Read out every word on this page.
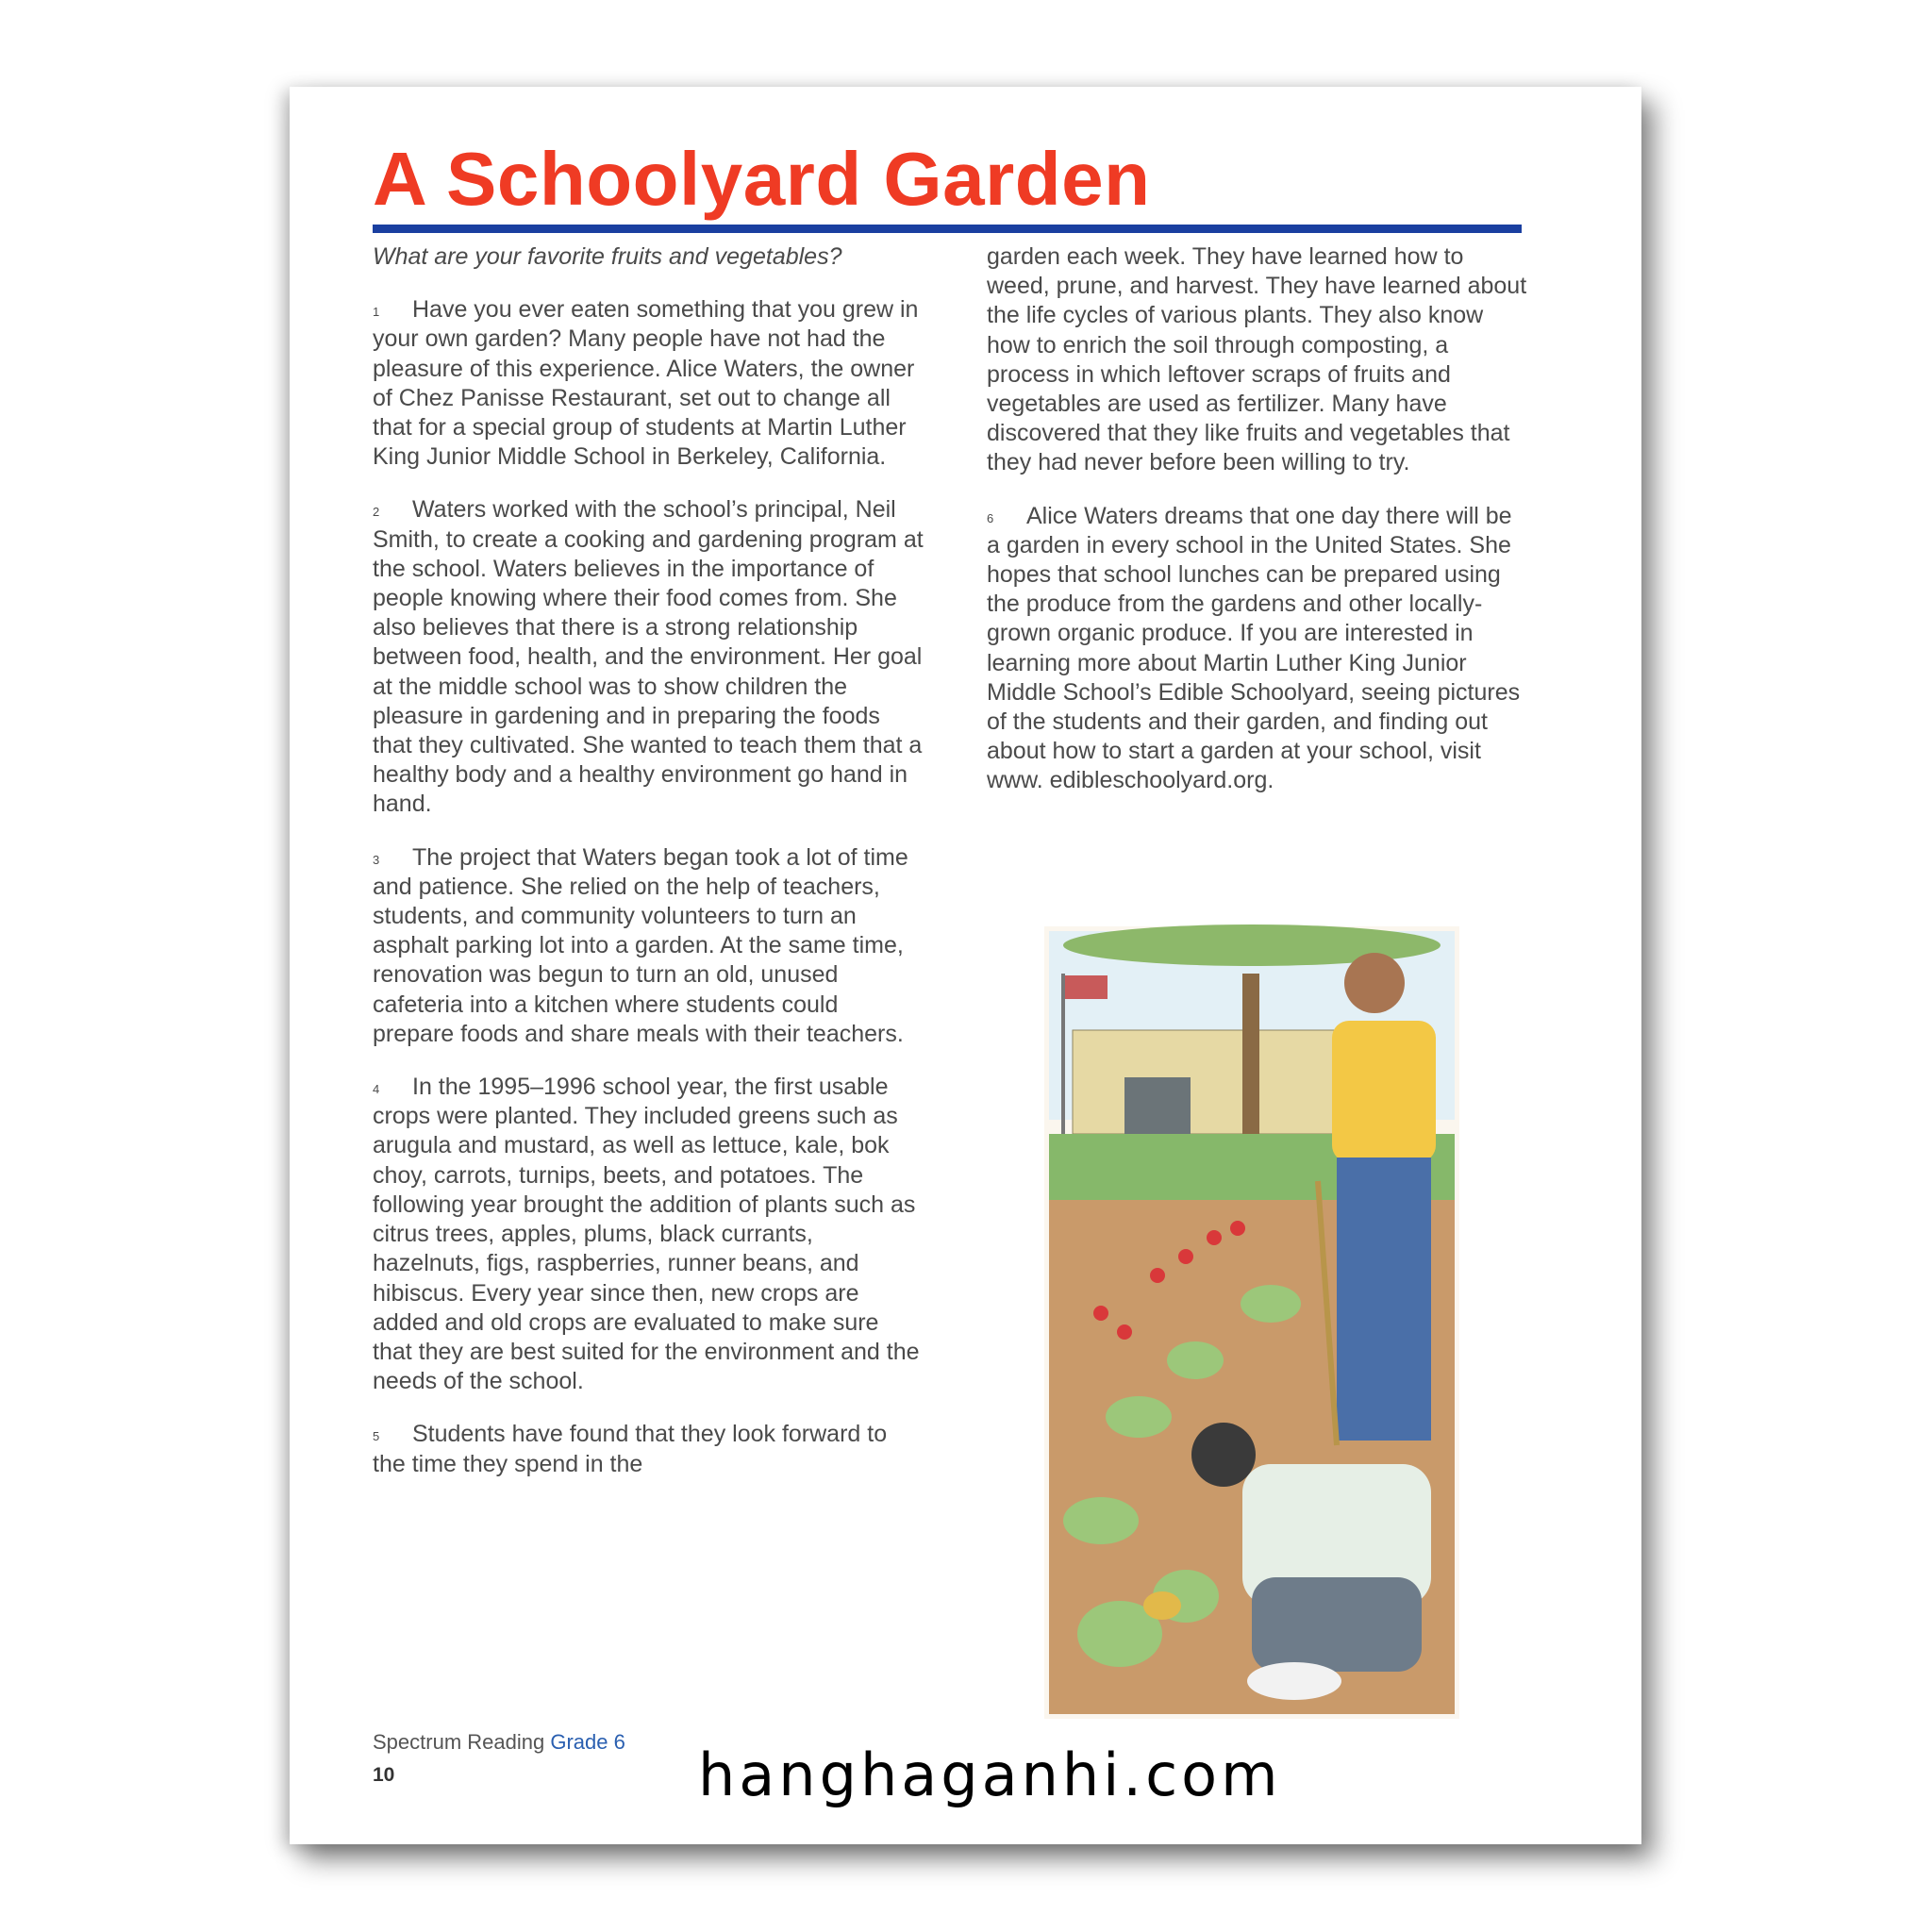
A Schoolyard Garden

What are your favorite fruits and vegetables?

1 Have you ever eaten something that you grew in your own garden? Many people have not had the pleasure of this experience. Alice Waters, the owner of Chez Panisse Restaurant, set out to change all that for a special group of students at Martin Luther King Junior Middle School in Berkeley, California.

2 Waters worked with the school’s principal, Neil Smith, to create a cooking and gardening program at the school. Waters believes in the importance of people knowing where their food comes from. She also believes that there is a strong relationship between food, health, and the environment. Her goal at the middle school was to show children the pleasure in gardening and in preparing the foods that they cultivated. She wanted to teach them that a healthy body and a healthy environment go hand in hand.

3 The project that Waters began took a lot of time and patience. She relied on the help of teachers, students, and community volunteers to turn an asphalt parking lot into a garden. At the same time, renovation was begun to turn an old, unused cafeteria into a kitchen where students could prepare foods and share meals with their teachers.

4 In the 1995–1996 school year, the first usable crops were planted. They included greens such as arugula and mustard, as well as lettuce, kale, bok choy, carrots, turnips, beets, and potatoes. The following year brought the addition of plants such as citrus trees, apples, plums, black currants, hazelnuts, figs, raspberries, runner beans, and hibiscus. Every year since then, new crops are added and old crops are evaluated to make sure that they are best suited for the environment and the needs of the school.

5 Students have found that they look forward to the time they spend in the

garden each week. They have learned how to weed, prune, and harvest. They have learned about the life cycles of various plants. They also know how to enrich the soil through composting, a process in which leftover scraps of fruits and vegetables are used as fertilizer. Many have discovered that they like fruits and vegetables that they had never before been willing to try.

6 Alice Waters dreams that one day there will be a garden in every school in the United States. She hopes that school lunches can be prepared using the produce from the gardens and other locally-grown organic produce. If you are interested in learning more about Martin Luther King Junior Middle School’s Edible Schoolyard, seeing pictures of the students and their garden, and finding out about how to start a garden at your school, visit www. edibleschoolyard.org.

Spectrum Reading Grade 6
10	hanghaganhi.com
